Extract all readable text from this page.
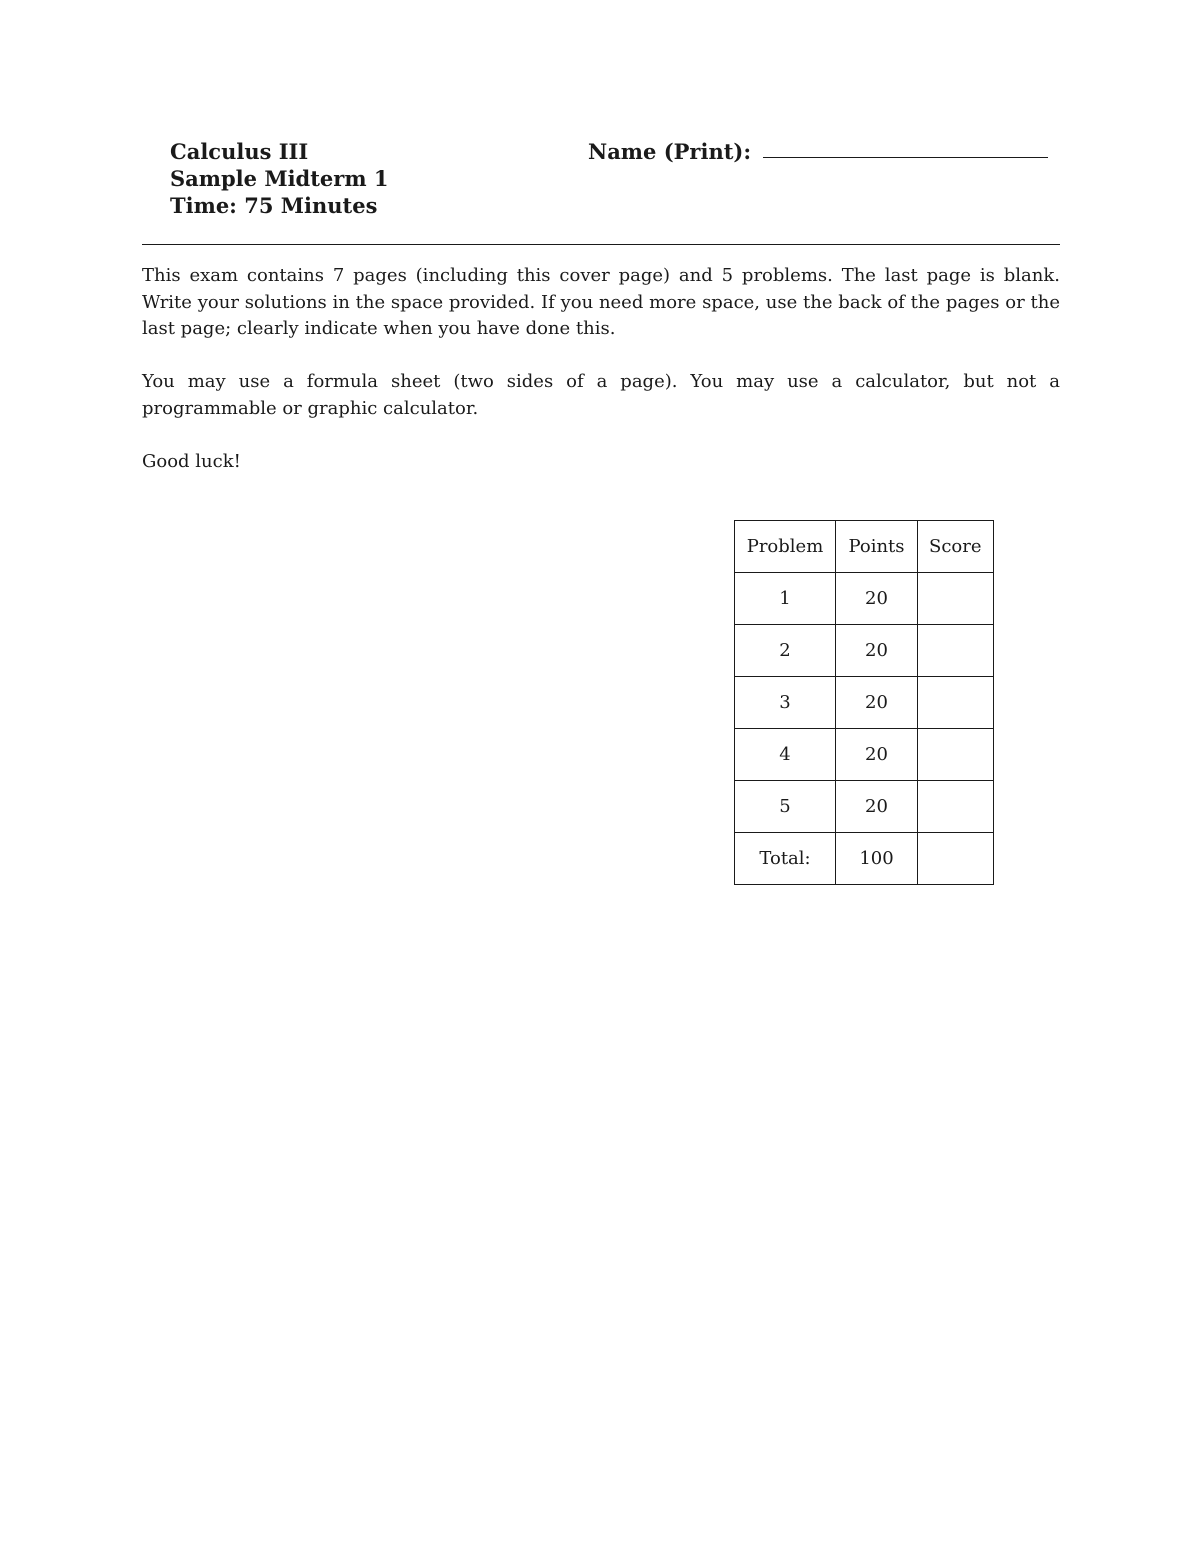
Calculus III
Sample Midterm 1
Time: 75 Minutes
Name (Print):

This exam contains 7 pages (including this cover page) and 5 problems. The last page is blank. Write your solutions in the space provided. If you need more space, use the back of the pages or the last page; clearly indicate when you have done this.

You may use a formula sheet (two sides of a page). You may use a calculator, but not a programmable or graphic calculator.

Good luck!

Problem	Points	Score
1	20	
2	20	
3	20	
4	20	
5	20	
Total:	100	
